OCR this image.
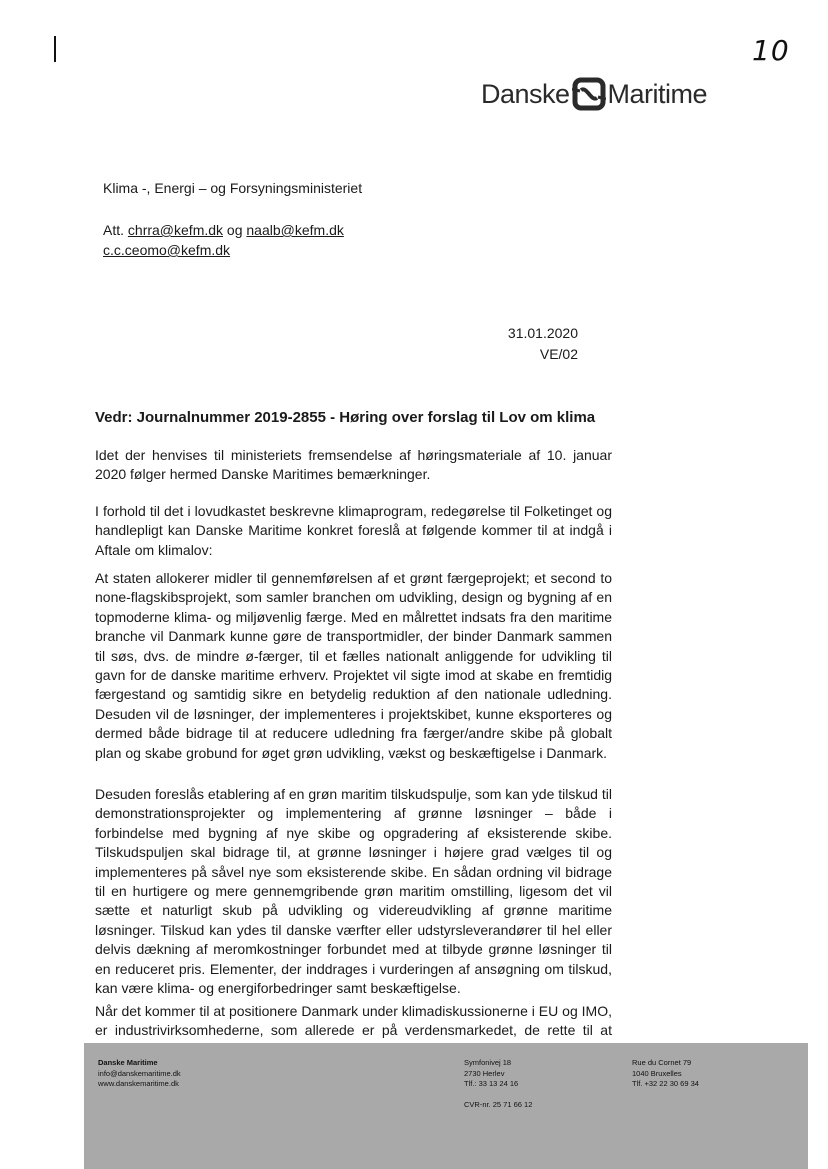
10
Danske Maritime
Klima -, Energi – og Forsyningsministeriet
Att. chrra@kefm.dk og naalb@kefm.dk
c.c.ceomo@kefm.dk
31.01.2020
VE/02
Vedr: Journalnummer 2019-2855 - Høring over forslag til Lov om klima

Idet der henvises til ministeriets fremsendelse af høringsmateriale af 10. januar 2020 følger hermed Danske Maritimes bemærkninger.

I forhold til det i lovudkastet beskrevne klimaprogram, redegørelse til Folketinget og handlepligt kan Danske Maritime konkret foreslå at følgende kommer til at indgå i Aftale om klimalov:

At staten allokerer midler til gennemførelsen af et grønt færgeprojekt; et second to none-flagskibsprojekt, som samler branchen om udvikling, design og bygning af en topmoderne klima- og miljøvenlig færge. Med en målrettet indsats fra den maritime branche vil Danmark kunne gøre de transportmidler, der binder Danmark sammen til søs, dvs. de mindre ø-færger, til et fælles nationalt anliggende for udvikling til gavn for de danske maritime erhverv. Projektet vil sigte imod at skabe en fremtidig færgestand og samtidig sikre en betydelig reduktion af den nationale udledning. Desuden vil de løsninger, der implementeres i projektskibet, kunne eksporteres og dermed både bidrage til at reducere udledning fra færger/andre skibe på globalt plan og skabe grobund for øget grøn udvikling, vækst og beskæftigelse i Danmark.

Desuden foreslås etablering af en grøn maritim tilskudspulje, som kan yde tilskud til demonstrationsprojekter og implementering af grønne løsninger – både i forbindelse med bygning af nye skibe og opgradering af eksisterende skibe. Tilskudspuljen skal bidrage til, at grønne løsninger i højere grad vælges til og implementeres på såvel nye som eksisterende skibe. En sådan ordning vil bidrage til en hurtigere og mere gennemgribende grøn maritim omstilling, ligesom det vil sætte et naturligt skub på udvikling og videreudvikling af grønne maritime løsninger. Tilskud kan ydes til danske værfter eller udstyrsleverandører til hel eller delvis dækning af meromkostninger forbundet med at tilbyde grønne løsninger til en reduceret pris. Elementer, der inddrages i vurderingen af ansøgning om tilskud, kan være klima- og energiforbedringer samt beskæftigelse.

Når det kommer til at positionere Danmark under klimadiskussionerne i EU og IMO, er industrivirksomhederne, som allerede er på verdensmarkedet, de rette til at

Danske Maritime
info@danskemaritime.dk
www.danskemaritime.dk
Symfonivej 18
2730 Herlev
Tlf.: 33 13 24 16
CVR-nr. 25 71 66 12
Rue du Cornet 79
1040 Bruxelles
Tlf. +32 22 30 69 34
